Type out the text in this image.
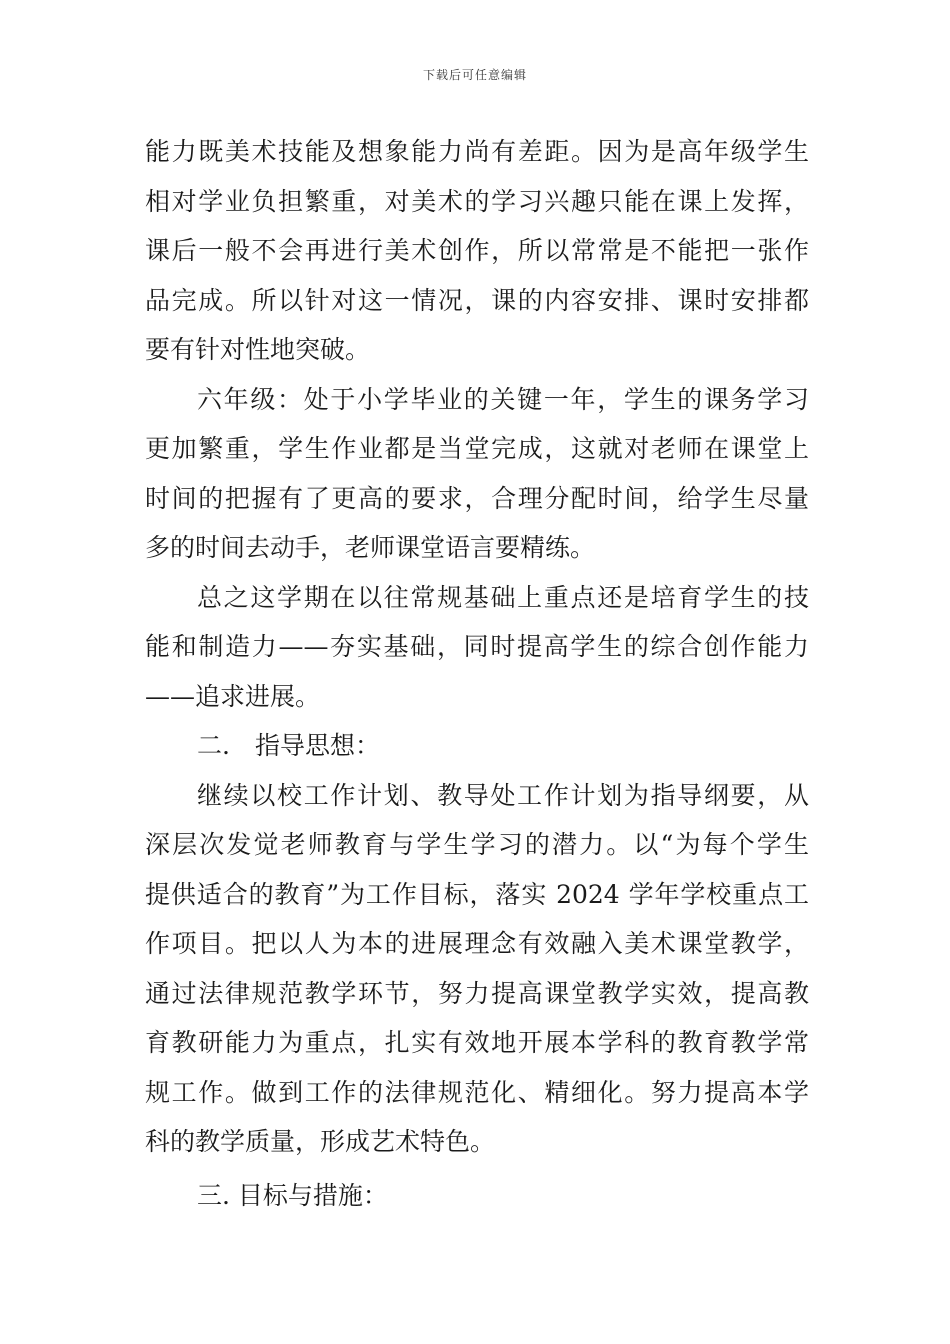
下载后可任意编辑
能力既美术技能及想象能力尚有差距。因为是高年级学生
相对学业负担繁重，对美术的学习兴趣只能在课上发挥，
课后一般不会再进行美术创作，所以常常是不能把一张作
品完成。所以针对这一情况，课的内容安排、课时安排都
要有针对性地突破。
六年级：处于小学毕业的关键一年，学生的课务学习
更加繁重，学生作业都是当堂完成，这就对老师在课堂上
时间的把握有了更高的要求，合理分配时间，给学生尽量
多的时间去动手，老师课堂语言要精练。
总之这学期在以往常规基础上重点还是培育学生的技
能和制造力——夯实基础，同时提高学生的综合创作能力
——追求进展。
二.　指导思想：
继续以校工作计划、教导处工作计划为指导纲要，从
深层次发觉老师教育与学生学习的潜力。以“为每个学生
提供适合的教育”为工作目标，落实 2024 学年学校重点工
作项目。把以人为本的进展理念有效融入美术课堂教学，
通过法律规范教学环节，努力提高课堂教学实效，提高教
育教研能力为重点，扎实有效地开展本学科的教育教学常
规工作。做到工作的法律规范化、精细化。努力提高本学
科的教学质量，形成艺术特色。
三. 目标与措施：
